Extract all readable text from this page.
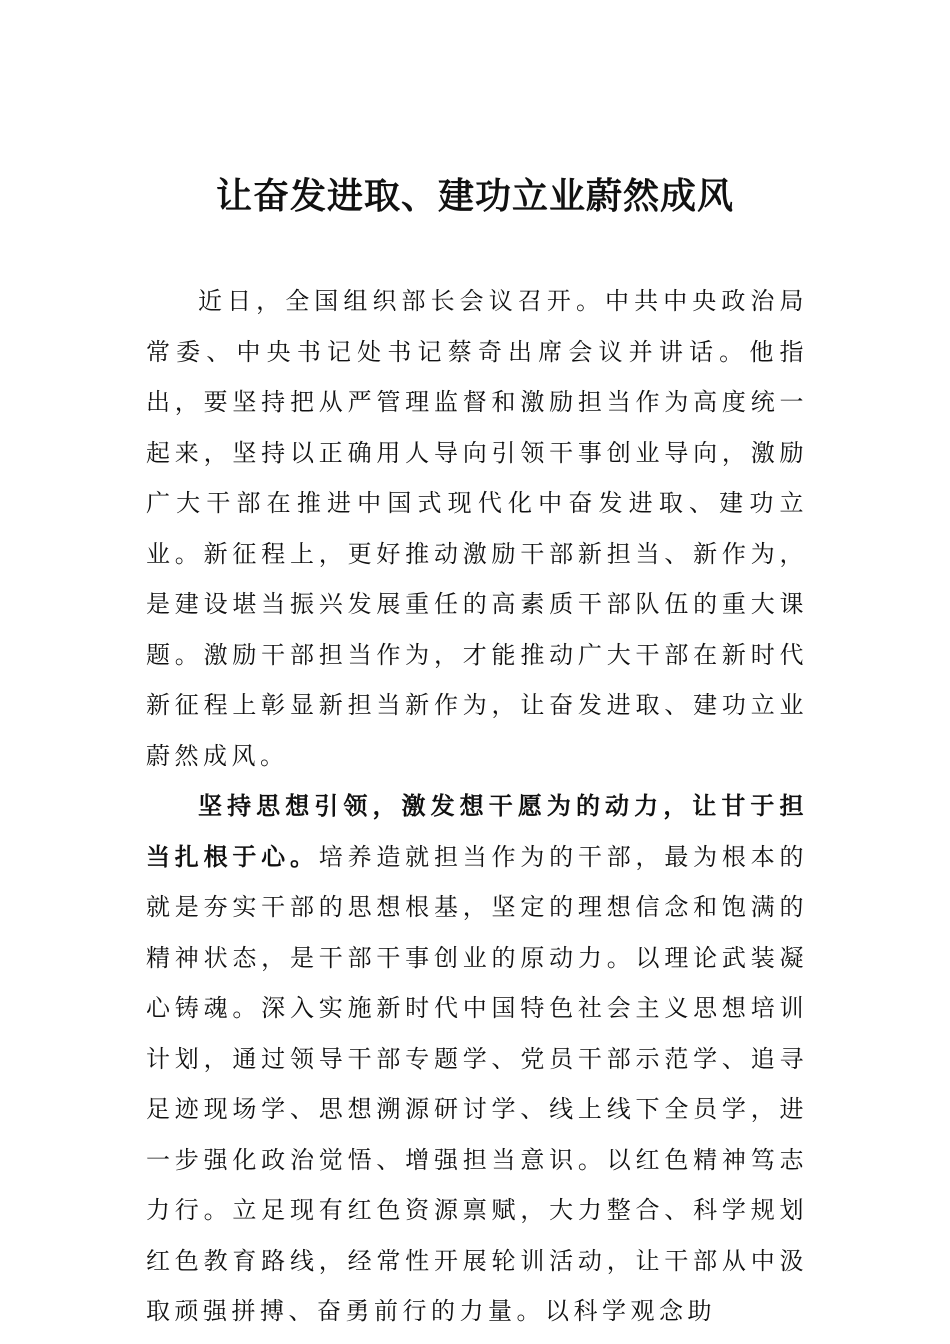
让奋发进取、建功立业蔚然成风

近日，全国组织部长会议召开。中共中央政治局常委、中央书记处书记蔡奇出席会议并讲话。他指出，要坚持把从严管理监督和激励担当作为高度统一起来，坚持以正确用人导向引领干事创业导向，激励广大干部在推进中国式现代化中奋发进取、建功立业。新征程上，更好推动激励干部新担当、新作为，是建设堪当振兴发展重任的高素质干部队伍的重大课题。激励干部担当作为，才能推动广大干部在新时代新征程上彰显新担当新作为，让奋发进取、建功立业蔚然成风。

坚持思想引领，激发想干愿为的动力，让甘于担当扎根于心。培养造就担当作为的干部，最为根本的就是夯实干部的思想根基，坚定的理想信念和饱满的精神状态，是干部干事创业的原动力。以理论武装凝心铸魂。深入实施新时代中国特色社会主义思想培训计划，通过领导干部专题学、党员干部示范学、追寻足迹现场学、思想溯源研讨学、线上线下全员学，进一步强化政治觉悟、增强担当意识。以红色精神笃志力行。立足现有红色资源禀赋，大力整合、科学规划红色教育路线，经常性开展轮训活动，让干部从中汲取顽强拼搏、奋勇前行的力量。以科学观念助
